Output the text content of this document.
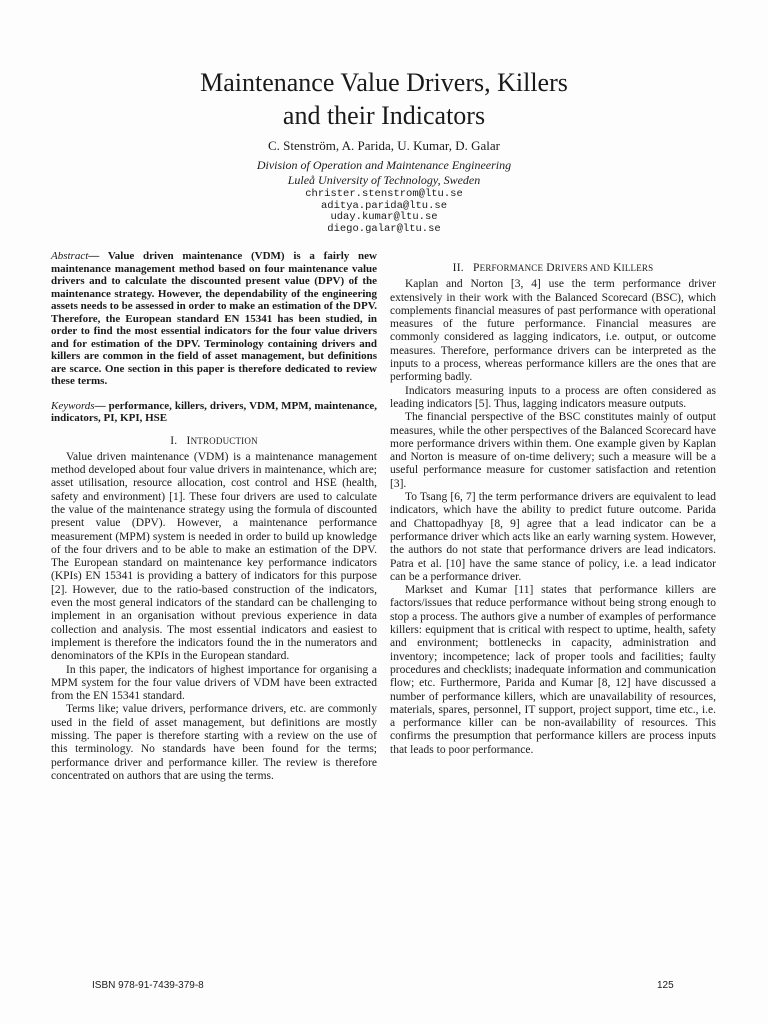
Maintenance Value Drivers, Killers
and their Indicators
C. Stenström, A. Parida, U. Kumar, D. Galar
Division of Operation and Maintenance Engineering
Luleå University of Technology, Sweden
christer.stenstrom@ltu.se
aditya.parida@ltu.se
uday.kumar@ltu.se
diego.galar@ltu.se

Abstract— Value driven maintenance (VDM) is a fairly new maintenance management method based on four maintenance value drivers and to calculate the discounted present value (DPV) of the maintenance strategy. However, the dependability of the engineering assets needs to be assessed in order to make an estimation of the DPV. Therefore, the European standard EN 15341 has been studied, in order to find the most essential indicators for the four value drivers and for estimation of the DPV. Terminology containing drivers and killers are common in the field of asset management, but definitions are scarce. One section in this paper is therefore dedicated to review these terms.

Keywords— performance, killers, drivers, VDM, MPM, maintenance, indicators, PI, KPI, HSE

I. INTRODUCTION

Value driven maintenance (VDM) is a maintenance management method developed about four value drivers in maintenance, which are; asset utilisation, resource allocation, cost control and HSE (health, safety and environment) [1]. These four drivers are used to calculate the value of the maintenance strategy using the formula of discounted present value (DPV). However, a maintenance performance measurement (MPM) system is needed in order to build up knowledge of the four drivers and to be able to make an estimation of the DPV. The European standard on maintenance key performance indicators (KPIs) EN 15341 is providing a battery of indicators for this purpose [2]. However, due to the ratio-based construction of the indicators, even the most general indicators of the standard can be challenging to implement in an organisation without previous experience in data collection and analysis. The most essential indicators and easiest to implement is therefore the indicators found the in the numerators and denominators of the KPIs in the European standard.

In this paper, the indicators of highest importance for organising a MPM system for the four value drivers of VDM have been extracted from the EN 15341 standard.

Terms like; value drivers, performance drivers, etc. are commonly used in the field of asset management, but definitions are mostly missing. The paper is therefore starting with a review on the use of this terminology. No standards have been found for the terms; performance driver and performance killer. The review is therefore concentrated on authors that are using the terms.

II. PERFORMANCE DRIVERS AND KILLERS

Kaplan and Norton [3, 4] use the term performance driver extensively in their work with the Balanced Scorecard (BSC), which complements financial measures of past performance with operational measures of the future performance. Financial measures are commonly considered as lagging indicators, i.e. output, or outcome measures. Therefore, performance drivers can be interpreted as the inputs to a process, whereas performance killers are the ones that are performing badly.

Indicators measuring inputs to a process are often considered as leading indicators [5]. Thus, lagging indicators measure outputs.

The financial perspective of the BSC constitutes mainly of output measures, while the other perspectives of the Balanced Scorecard have more performance drivers within them. One example given by Kaplan and Norton is measure of on-time delivery; such a measure will be a useful performance measure for customer satisfaction and retention [3].

To Tsang [6, 7] the term performance drivers are equivalent to lead indicators, which have the ability to predict future outcome. Parida and Chattopadhyay [8, 9] agree that a lead indicator can be a performance driver which acts like an early warning system. However, the authors do not state that performance drivers are lead indicators. Patra et al. [10] have the same stance of policy, i.e. a lead indicator can be a performance driver.

Markset and Kumar [11] states that performance killers are factors/issues that reduce performance without being strong enough to stop a process. The authors give a number of examples of performance killers: equipment that is critical with respect to uptime, health, safety and environment; bottlenecks in capacity, administration and inventory; incompetence; lack of proper tools and facilities; faulty procedures and checklists; inadequate information and communication flow; etc. Furthermore, Parida and Kumar [8, 12] have discussed a number of performance killers, which are unavailability of resources, materials, spares, personnel, IT support, project support, time etc., i.e. a performance killer can be non-availability of resources. This confirms the presumption that performance killers are process inputs that leads to poor performance.

ISBN 978-91-7439-379-8	125
